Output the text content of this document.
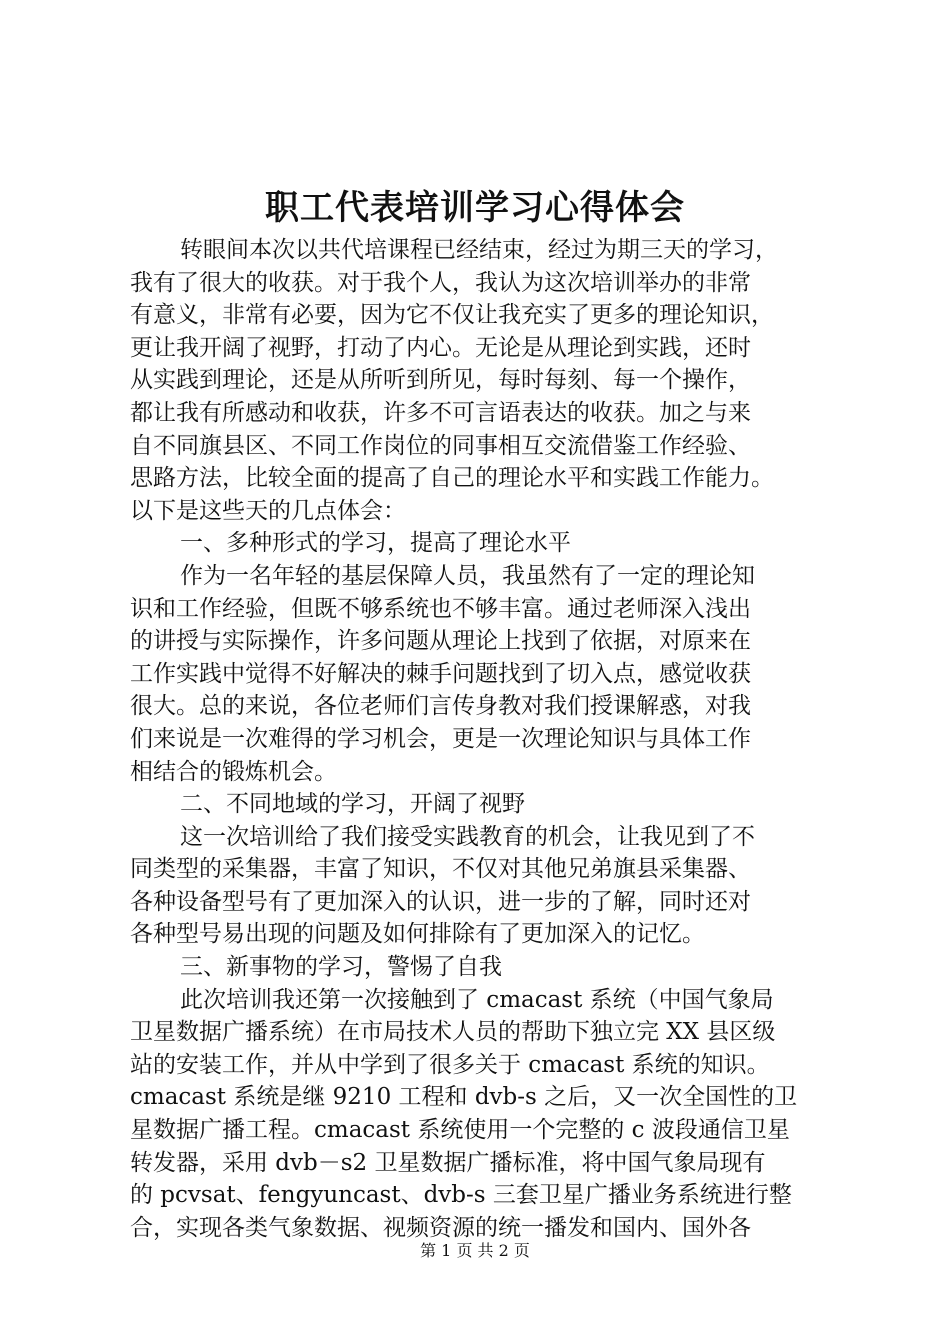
职工代表培训学习心得体会
转眼间本次以共代培课程已经结束，经过为期三天的学习，
我有了很大的收获。对于我个人，我认为这次培训举办的非常
有意义，非常有必要，因为它不仅让我充实了更多的理论知识，
更让我开阔了视野，打动了内心。无论是从理论到实践，还时
从实践到理论，还是从所听到所见，每时每刻、每一个操作，
都让我有所感动和收获，许多不可言语表达的收获。加之与来
自不同旗县区、不同工作岗位的同事相互交流借鉴工作经验、
思路方法，比较全面的提高了自己的理论水平和实践工作能力。
以下是这些天的几点体会：
一、多种形式的学习，提高了理论水平
作为一名年轻的基层保障人员，我虽然有了一定的理论知
识和工作经验，但既不够系统也不够丰富。通过老师深入浅出
的讲授与实际操作，许多问题从理论上找到了依据，对原来在
工作实践中觉得不好解决的棘手问题找到了切入点，感觉收获
很大。总的来说，各位老师们言传身教对我们授课解惑，对我
们来说是一次难得的学习机会，更是一次理论知识与具体工作
相结合的锻炼机会。
二、不同地域的学习，开阔了视野
这一次培训给了我们接受实践教育的机会，让我见到了不
同类型的采集器，丰富了知识，不仅对其他兄弟旗县采集器、
各种设备型号有了更加深入的认识，进一步的了解，同时还对
各种型号易出现的问题及如何排除有了更加深入的记忆。
三、新事物的学习，警惕了自我
此次培训我还第一次接触到了 cmacast 系统（中国气象局
卫星数据广播系统）在市局技术人员的帮助下独立完 XX 县区级
站的安装工作，并从中学到了很多关于 cmacast 系统的知识。
cmacast 系统是继 9210 工程和 dvb-s 之后，又一次全国性的卫
星数据广播工程。cmacast 系统使用一个完整的 c 波段通信卫星
转发器，采用 dvb－s2 卫星数据广播标准，将中国气象局现有
的 pcvsat、fengyuncast、dvb-s 三套卫星广播业务系统进行整
合，实现各类气象数据、视频资源的统一播发和国内、国外各
第 1 页 共 2 页
